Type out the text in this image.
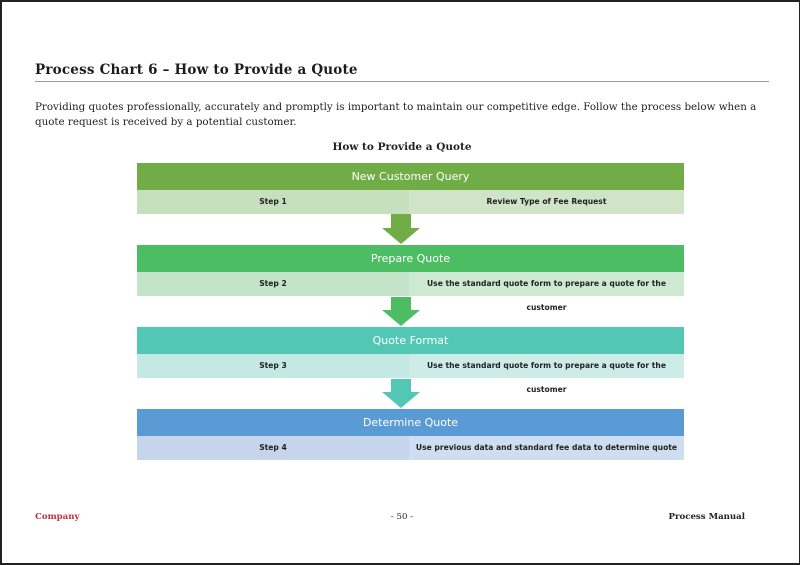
Process Chart 6 – How to Provide a Quote
Providing quotes professionally, accurately and promptly is important to maintain our competitive edge. Follow the process below when a quote request is received by a potential customer.
How to Provide a Quote
New Customer Query
Step 1	Review Type of Fee Request
Prepare Quote
Step 2	Use the standard quote form to prepare a quote for the customer
Quote Format
Step 3	Use the standard quote form to prepare a quote for the customer
Determine Quote
Step 4	Use previous data and standard fee data to determine quote
Company	- 50 -	Process Manual
